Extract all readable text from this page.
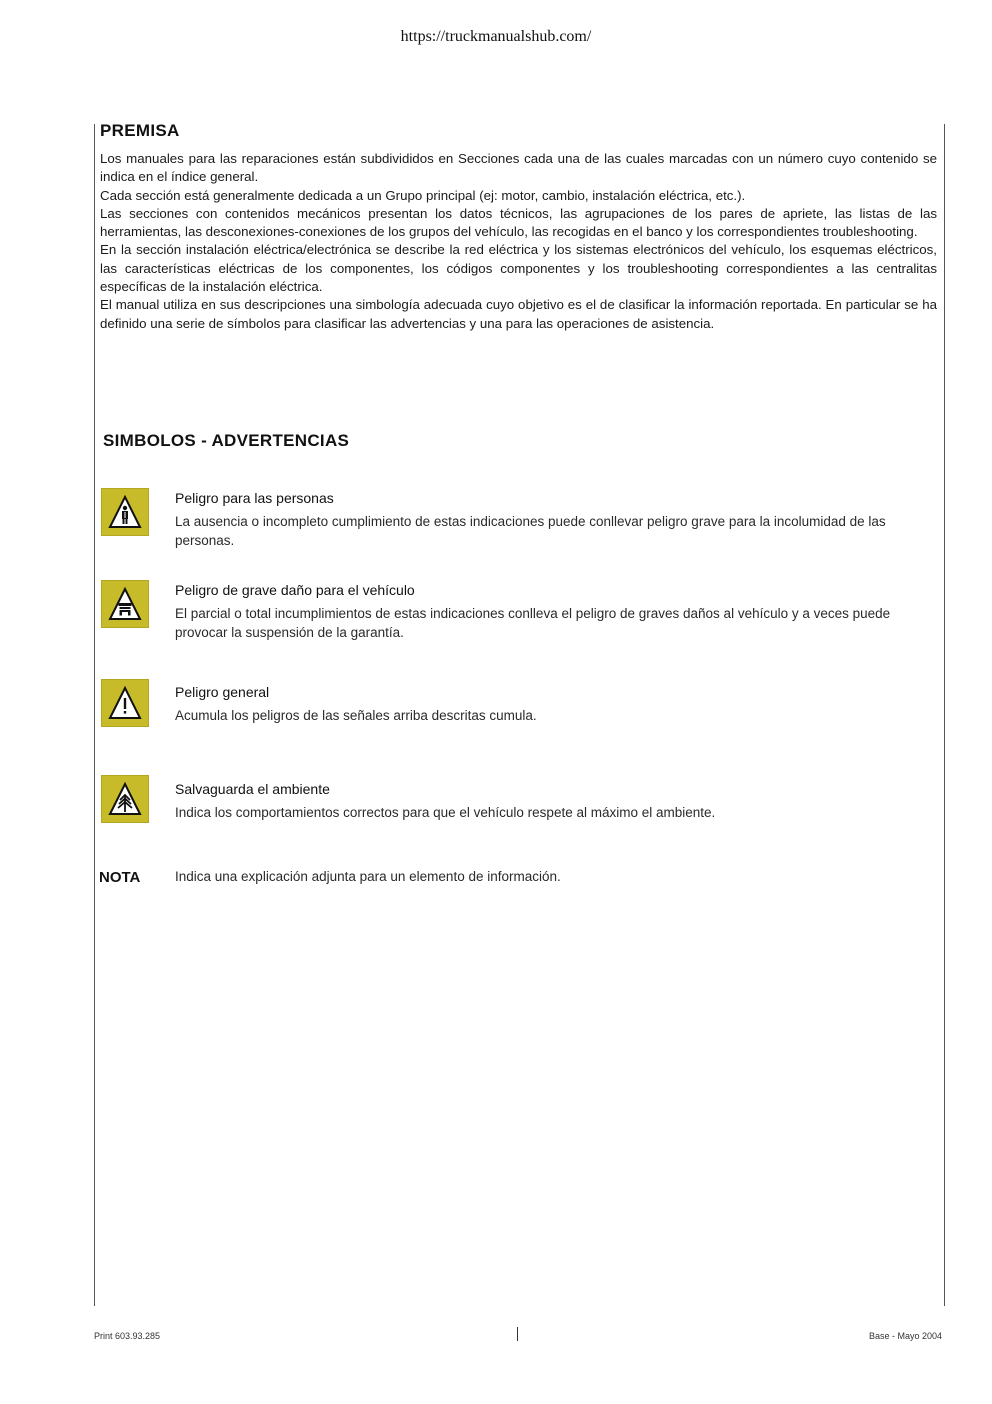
https://truckmanualshub.com/
PREMISA

Los manuales para las reparaciones están subdivididos en Secciones cada una de las cuales marcadas con un número cuyo contenido se indica en el índice general.

Cada sección está generalmente dedicada a un Grupo principal (ej: motor, cambio, instalación eléctrica, etc.).

Las secciones con contenidos mecánicos presentan los datos técnicos, las agrupaciones de los pares de apriete, las listas de las herramientas, las desconexiones-conexiones de los grupos del vehículo, las recogidas en el banco y los correspondientes troubleshooting.

En la sección instalación eléctrica/electrónica se describe la red eléctrica y los sistemas electrónicos del vehículo, los esquemas eléctricos, las características eléctricas de los componentes, los códigos componentes y los troubleshooting correspondientes a las centralitas específicas de la instalación eléctrica.

El manual utiliza en sus descripciones una simbología adecuada cuyo objetivo es el de clasificar la información reportada. En particular se ha definido una serie de símbolos para clasificar las advertencias y una para las operaciones de asistencia.

SIMBOLOS - ADVERTENCIAS
Peligro para las personas
La ausencia o incompleto cumplimiento de estas indicaciones puede conllevar peligro grave para la incolumidad de las personas.
Peligro de grave daño para el vehículo
El parcial o total incumplimientos de estas indicaciones conlleva el peligro de graves daños al vehículo y a veces puede provocar la suspensión de la garantía.
Peligro general
Acumula los peligros de las señales arriba descritas cumula.
Salvaguarda el ambiente
Indica los comportamientos correctos para que el vehículo respete al máximo el ambiente.
NOTA	Indica una explicación adjunta para un elemento de información.
Print 603.93.285	Base - Mayo 2004
